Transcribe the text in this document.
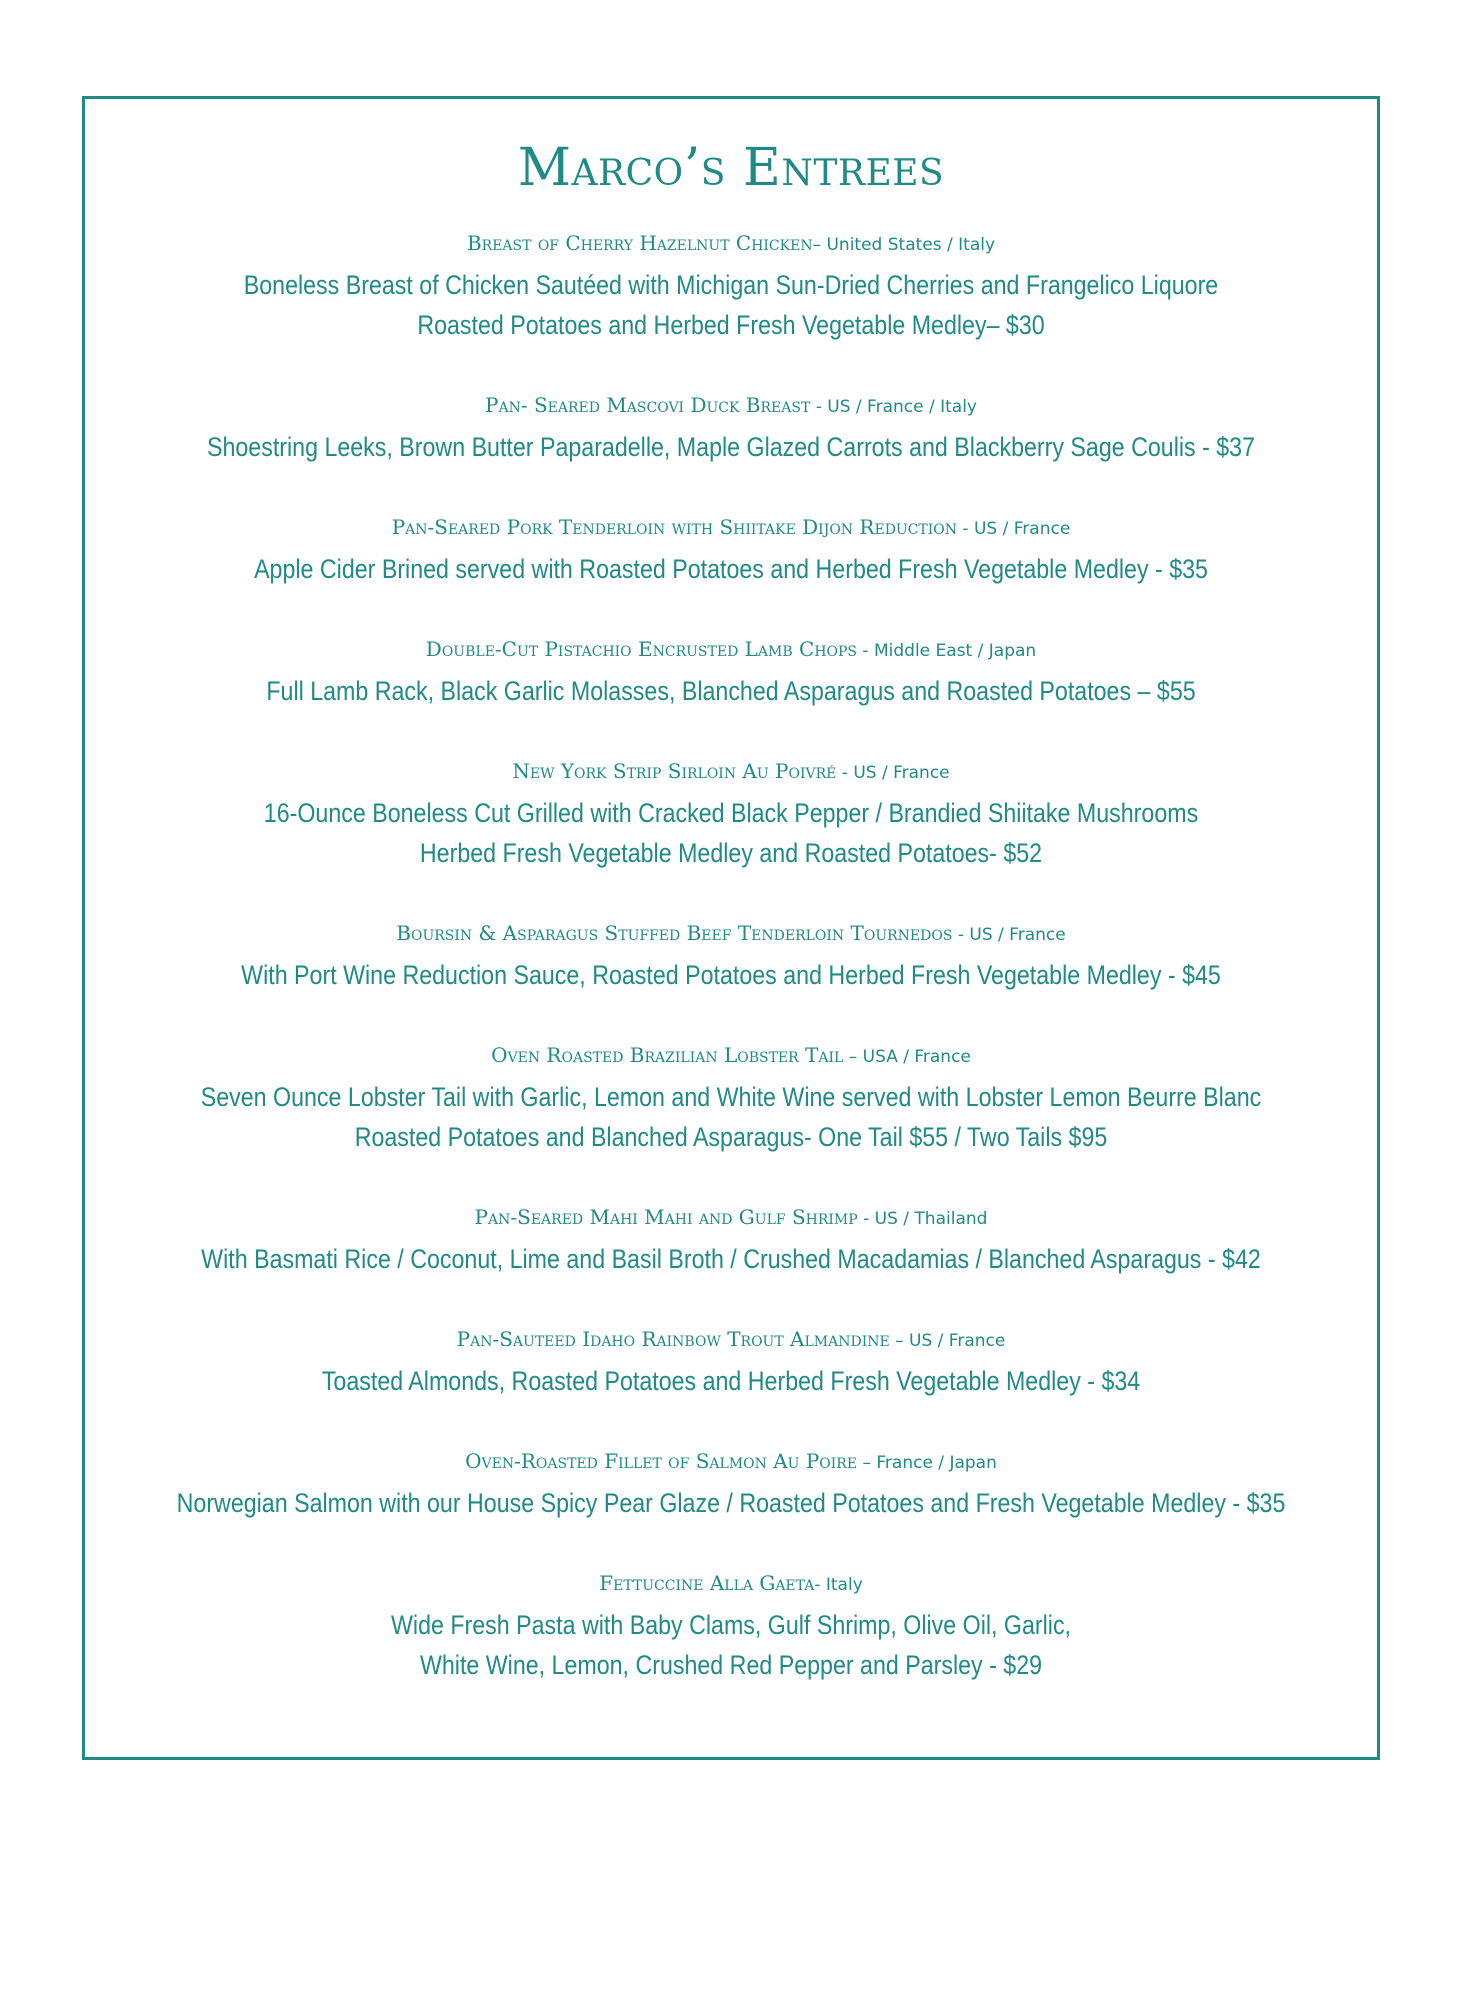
Marco’s Entrees
Breast of Cherry Hazelnut Chicken– United States / Italy
Boneless Breast of Chicken Sautéed with Michigan Sun-Dried Cherries and Frangelico Liquore
Roasted Potatoes and Herbed Fresh Vegetable Medley– $30
Pan- Seared Mascovi Duck Breast - US / France / Italy
Shoestring Leeks, Brown Butter Paparadelle, Maple Glazed Carrots and Blackberry Sage Coulis - $37
Pan-Seared Pork Tenderloin with Shiitake Dijon Reduction - US / France
Apple Cider Brined served with Roasted Potatoes and Herbed Fresh Vegetable Medley - $35
Double-Cut Pistachio Encrusted Lamb Chops - Middle East / Japan
Full Lamb Rack, Black Garlic Molasses, Blanched Asparagus and Roasted Potatoes – $55
New York Strip Sirloin Au Poivré - US / France
16-Ounce Boneless Cut Grilled with Cracked Black Pepper / Brandied Shiitake Mushrooms
Herbed Fresh Vegetable Medley and Roasted Potatoes- $52
Boursin & Asparagus Stuffed Beef Tenderloin Tournedos - US / France
With Port Wine Reduction Sauce, Roasted Potatoes and Herbed Fresh Vegetable Medley - $45
Oven Roasted Brazilian Lobster Tail – USA / France
Seven Ounce Lobster Tail with Garlic, Lemon and White Wine served with Lobster Lemon Beurre Blanc
Roasted Potatoes and Blanched Asparagus- One Tail $55 / Two Tails $95
Pan-Seared Mahi Mahi and Gulf Shrimp - US / Thailand
With Basmati Rice / Coconut, Lime and Basil Broth / Crushed Macadamias / Blanched Asparagus - $42
Pan-Sauteed Idaho Rainbow Trout Almandine – US / France
Toasted Almonds, Roasted Potatoes and Herbed Fresh Vegetable Medley - $34
Oven-Roasted Fillet of Salmon Au Poire – France / Japan
Norwegian Salmon with our House Spicy Pear Glaze / Roasted Potatoes and Fresh Vegetable Medley - $35
Fettuccine Alla Gaeta- Italy
Wide Fresh Pasta with Baby Clams, Gulf Shrimp, Olive Oil, Garlic,
White Wine, Lemon, Crushed Red Pepper and Parsley - $29
